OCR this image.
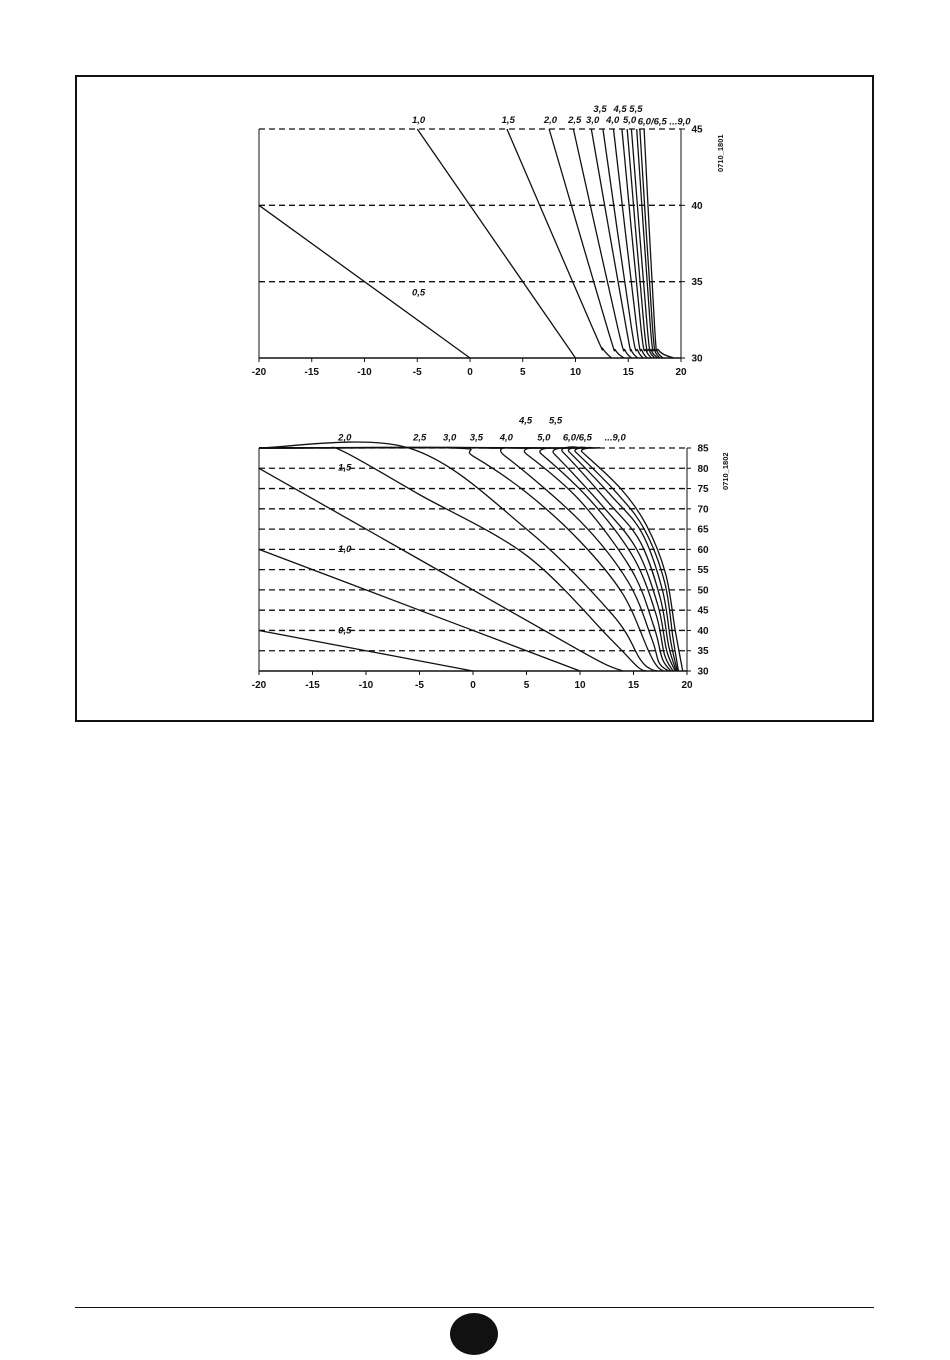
-20	-15	-10	-5	0	5	10	15	20
30
35
40
45
0,5
1,0	1,5	2,0 2,5 3,0
3,5
4,0
4,5
5,0
5,5
6,0/6,5 ...9,0
0710_1801
-20	-15	-10	-5	0	5	10	15	20
30
35
40
45
50
55
60
65
70
75
80
85
2,0
1,5
1,0
0,5
2,5 3,0 3,5 4,0
4,5
5,0
5,5
6,0/6,5 ...9,0
0710_1802
